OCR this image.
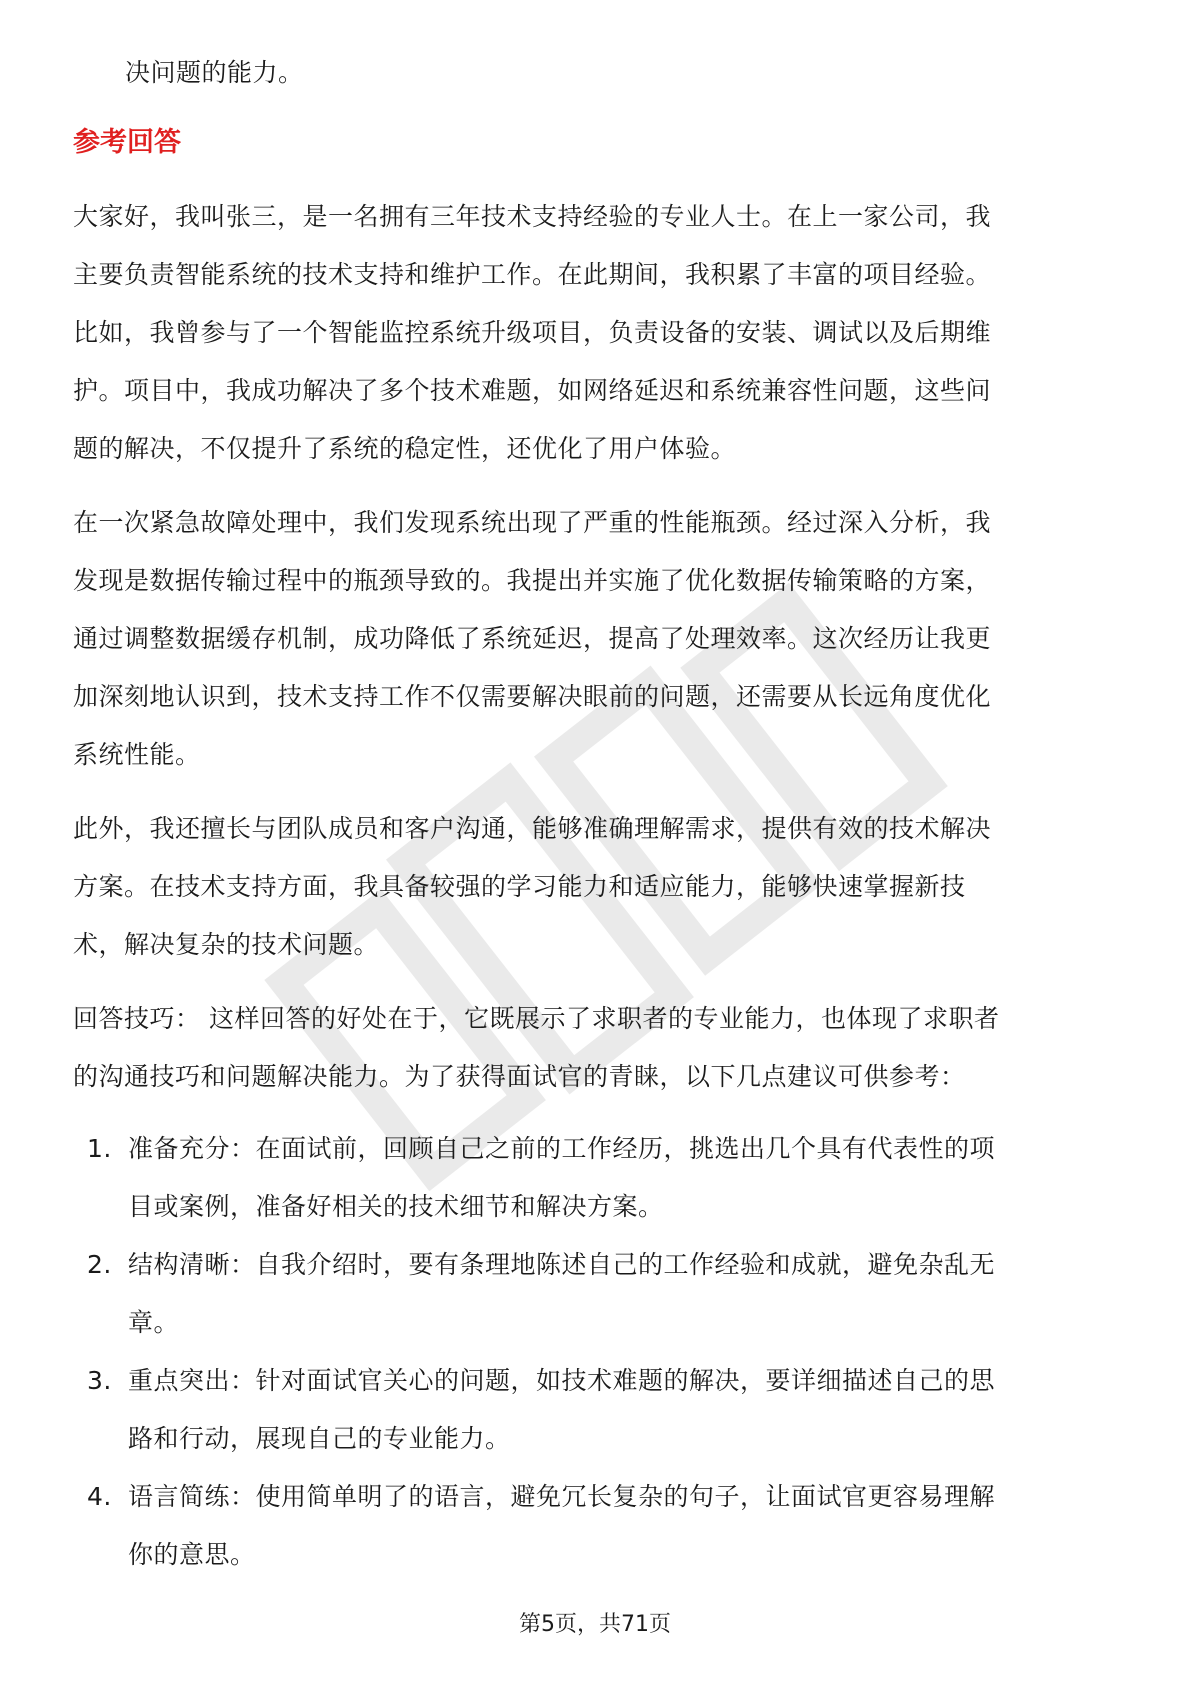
决问题的能力。
参考回答
大家好，我叫张三，是一名拥有三年技术支持经验的专业人士。在上一家公司，我
主要负责智能系统的技术支持和维护工作。在此期间，我积累了丰富的项目经验。
比如，我曾参与了一个智能监控系统升级项目，负责设备的安装、调试以及后期维
护。项目中，我成功解决了多个技术难题，如网络延迟和系统兼容性问题，这些问
题的解决，不仅提升了系统的稳定性，还优化了用户体验。
在一次紧急故障处理中，我们发现系统出现了严重的性能瓶颈。经过深入分析，我
发现是数据传输过程中的瓶颈导致的。我提出并实施了优化数据传输策略的方案，
通过调整数据缓存机制，成功降低了系统延迟，提高了处理效率。这次经历让我更
加深刻地认识到，技术支持工作不仅需要解决眼前的问题，还需要从长远角度优化
系统性能。
此外，我还擅长与团队成员和客户沟通，能够准确理解需求，提供有效的技术解决
方案。在技术支持方面，我具备较强的学习能力和适应能力，能够快速掌握新技
术，解决复杂的技术问题。
回答技巧： 这样回答的好处在于，它既展示了求职者的专业能力，也体现了求职者
的沟通技巧和问题解决能力。为了获得面试官的青睐，以下几点建议可供参考：
1. 准备充分：在面试前，回顾自己之前的工作经历，挑选出几个具有代表性的项
目或案例，准备好相关的技术细节和解决方案。
2. 结构清晰：自我介绍时，要有条理地陈述自己的工作经验和成就，避免杂乱无
章。
3. 重点突出：针对面试官关心的问题，如技术难题的解决，要详细描述自己的思
路和行动，展现自己的专业能力。
4. 语言简练：使用简单明了的语言，避免冗长复杂的句子，让面试官更容易理解
你的意思。
第5页，共71页
